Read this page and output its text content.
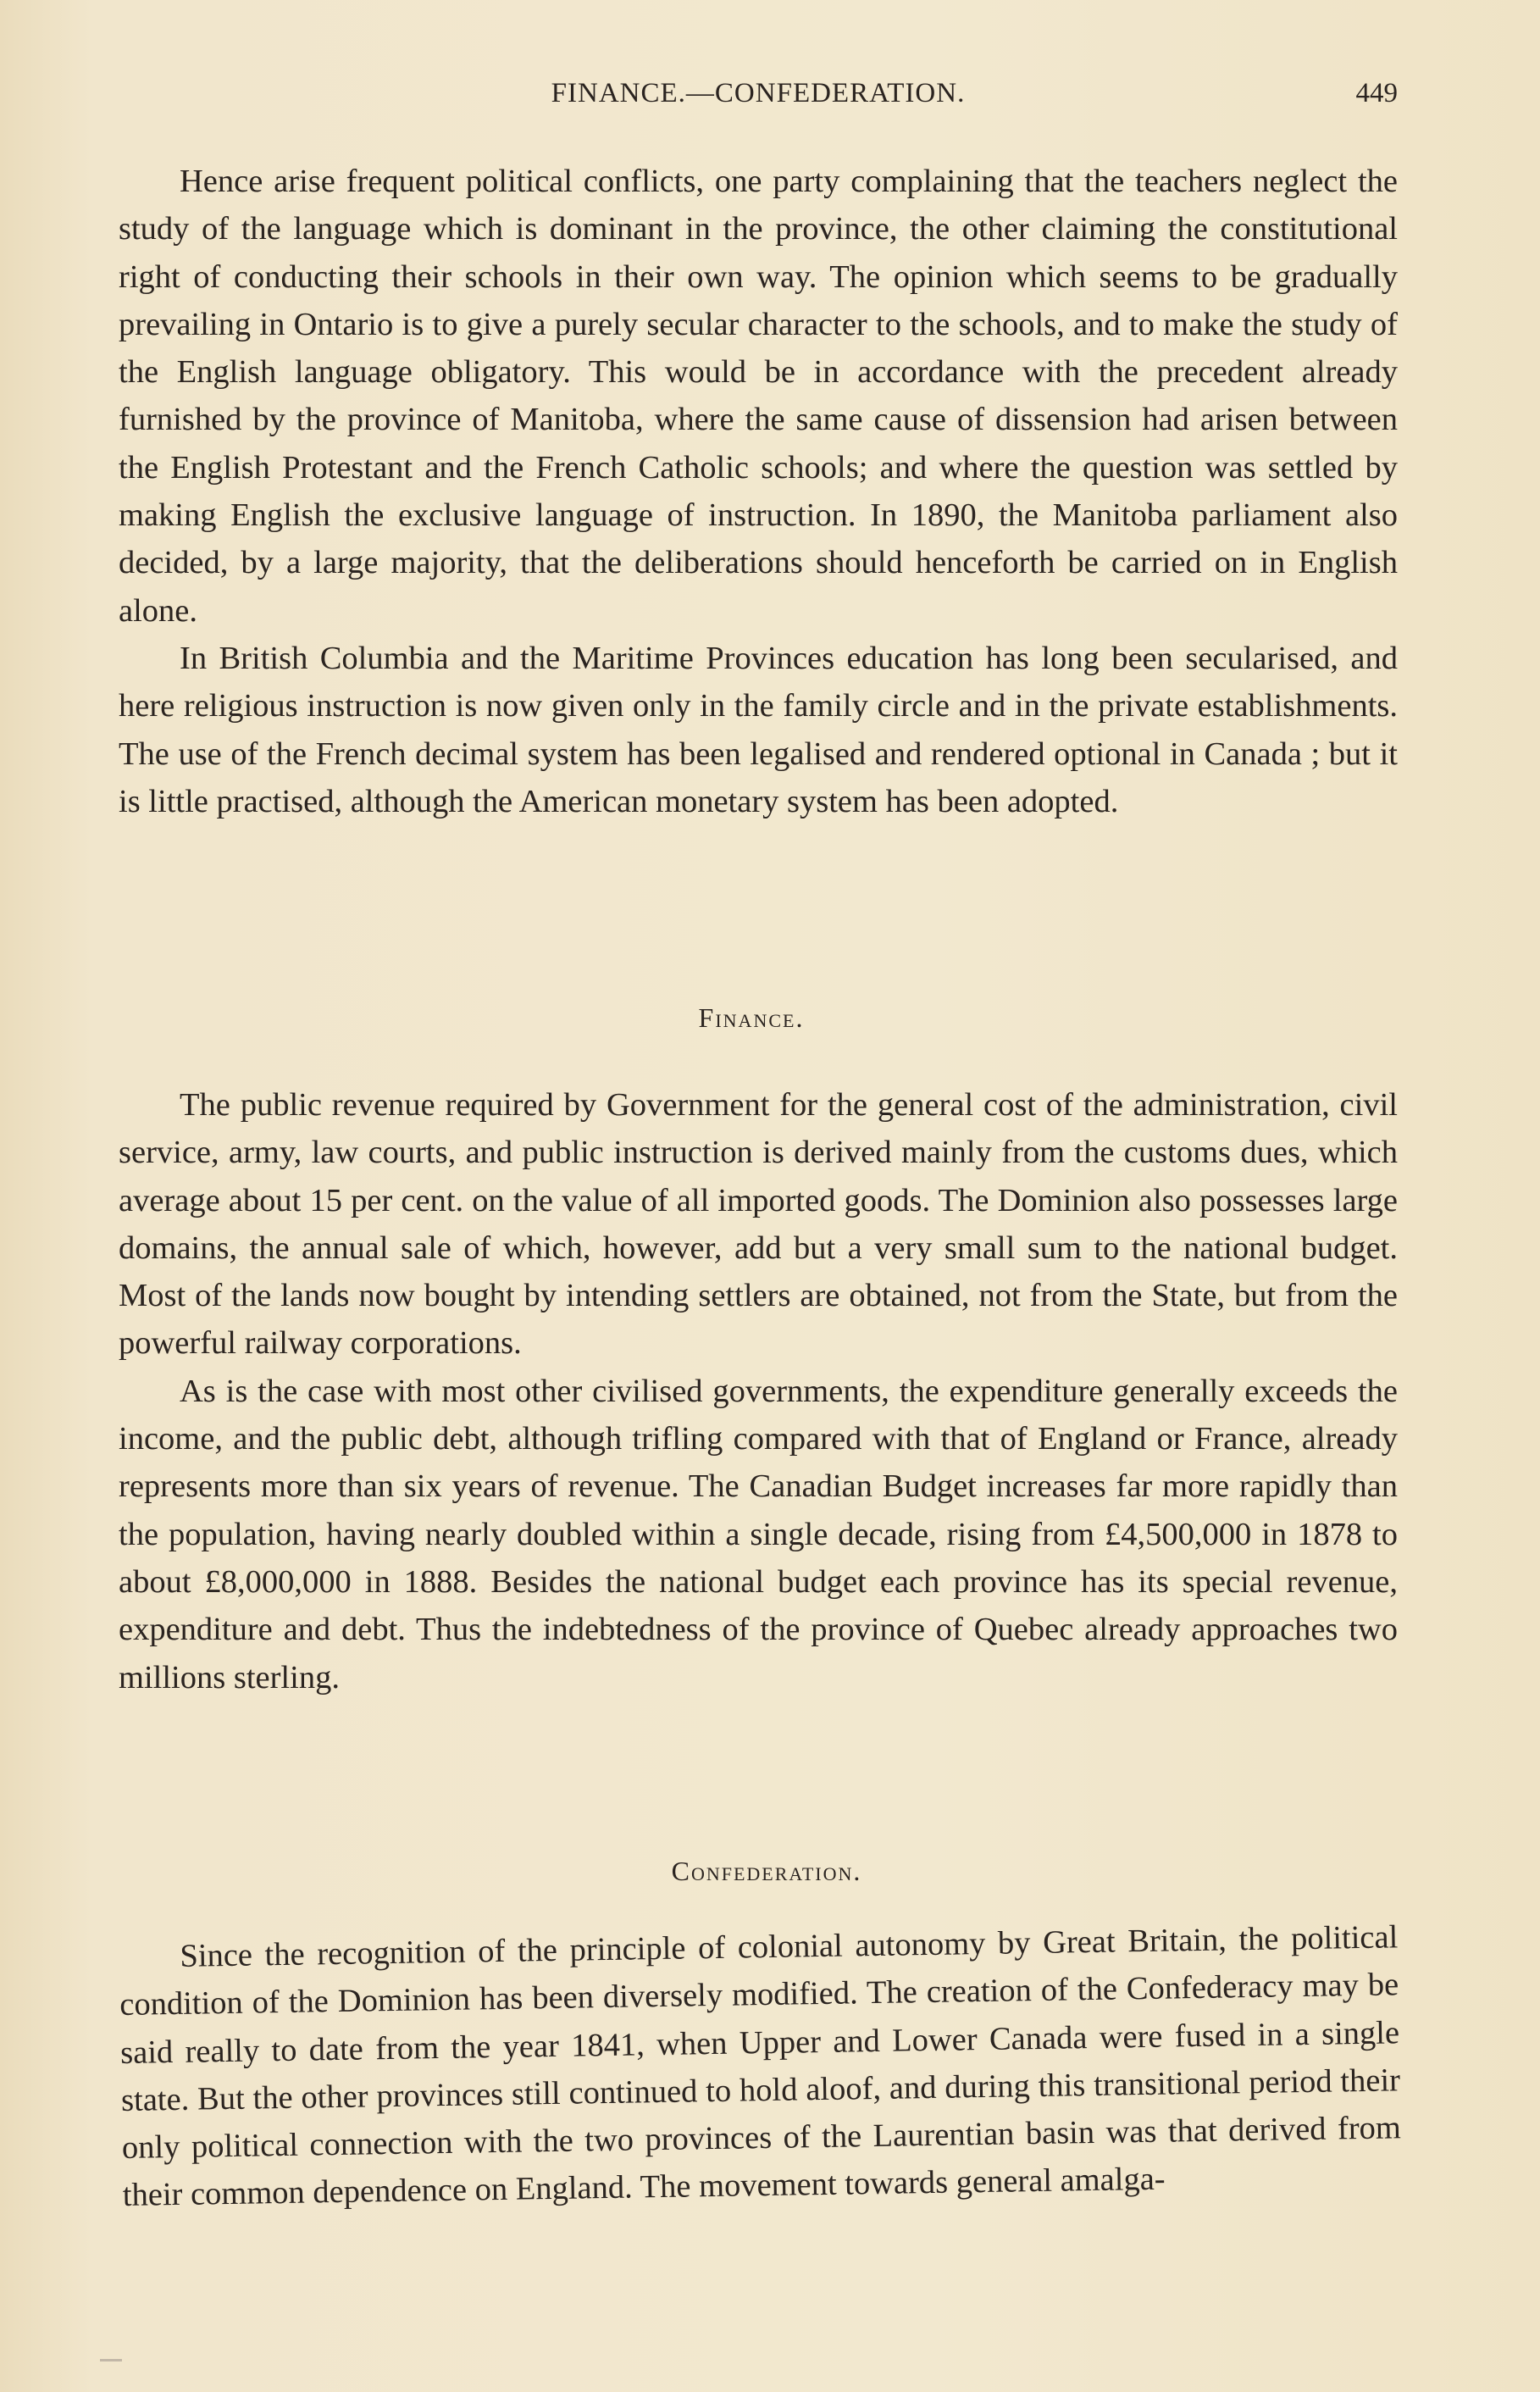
FINANCE.—CONFEDERATION.	449

Hence arise frequent political conflicts, one party complaining that the teachers neglect the study of the language which is dominant in the province, the other claiming the constitutional right of conducting their schools in their own way. The opinion which seems to be gradually prevailing in Ontario is to give a purely secular character to the schools, and to make the study of the English language obligatory. This would be in accordance with the precedent already furnished by the province of Manitoba, where the same cause of dissension had arisen between the English Protestant and the French Catholic schools; and where the question was settled by making English the exclusive language of instruction. In 1890, the Manitoba parliament also decided, by a large majority, that the deliberations should henceforth be carried on in English alone.

In British Columbia and the Maritime Provinces education has long been secularised, and here religious instruction is now given only in the family circle and in the private establishments. The use of the French decimal system has been legalised and rendered optional in Canada ; but it is little practised, although the American monetary system has been adopted.

Finance.

The public revenue required by Government for the general cost of the administration, civil service, army, law courts, and public instruction is derived mainly from the customs dues, which average about 15 per cent. on the value of all imported goods. The Dominion also possesses large domains, the annual sale of which, however, add but a very small sum to the national budget. Most of the lands now bought by intending settlers are obtained, not from the State, but from the powerful railway corporations.

As is the case with most other civilised governments, the expenditure generally exceeds the income, and the public debt, although trifling compared with that of England or France, already represents more than six years of revenue. The Canadian Budget increases far more rapidly than the population, having nearly doubled within a single decade, rising from £4,500,000 in 1878 to about £8,000,000 in 1888. Besides the national budget each province has its special revenue, expenditure and debt. Thus the indebtedness of the province of Quebec already approaches two millions sterling.

Confederation.

Since the recognition of the principle of colonial autonomy by Great Britain, the political condition of the Dominion has been diversely modified. The creation of the Confederacy may be said really to date from the year 1841, when Upper and Lower Canada were fused in a single state. But the other provinces still continued to hold aloof, and during this transitional period their only political connection with the two provinces of the Laurentian basin was that derived from their common dependence on England. The movement towards general amalga-
